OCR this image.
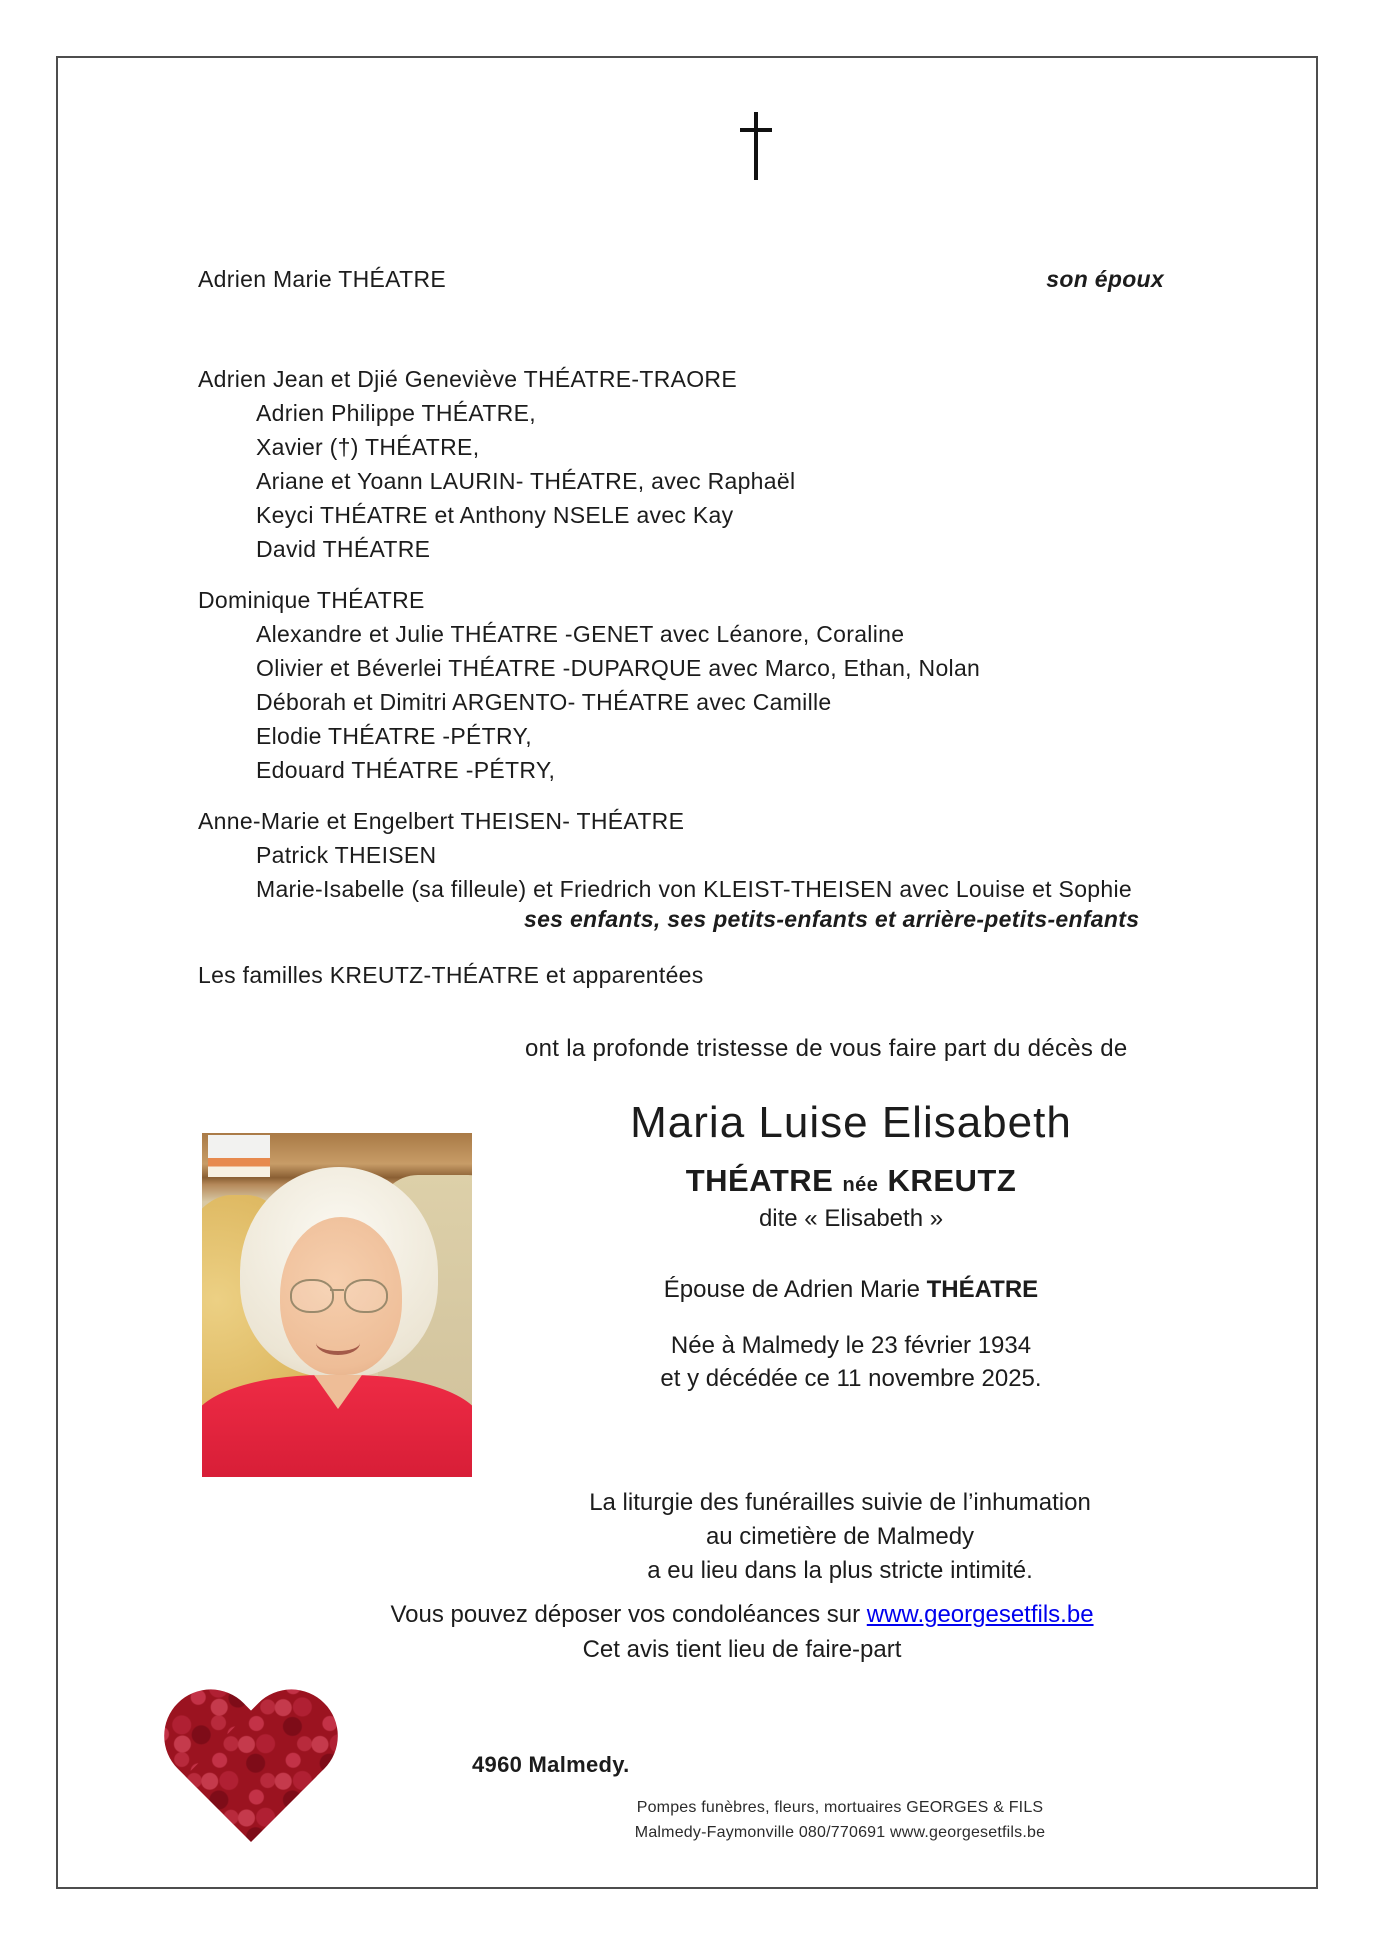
Adrien Marie THÉATRE	son époux
Adrien Jean et Djié Geneviève THÉATRE-TRAORE
Adrien Philippe THÉATRE,
Xavier (†) THÉATRE,
Ariane et Yoann LAURIN- THÉATRE, avec Raphaël
Keyci THÉATRE et Anthony NSELE avec Kay
David THÉATRE
Dominique THÉATRE
Alexandre et Julie THÉATRE -GENET avec Léanore, Coraline
Olivier et Béverlei THÉATRE -DUPARQUE avec Marco, Ethan, Nolan
Déborah et Dimitri ARGENTO- THÉATRE avec Camille
Elodie THÉATRE -PÉTRY,
Edouard THÉATRE -PÉTRY,
Anne-Marie et Engelbert THEISEN- THÉATRE
Patrick THEISEN
Marie-Isabelle (sa filleule) et Friedrich von KLEIST-THEISEN avec Louise et Sophie
ses enfants, ses petits-enfants et arrière-petits-enfants
Les familles KREUTZ-THÉATRE et apparentées
ont la profonde tristesse de vous faire part du décès de
Maria Luise Elisabeth
THÉATRE née KREUTZ
dite « Elisabeth »
Épouse de Adrien Marie THÉATRE
Née à Malmedy le 23 février 1934
et y décédée ce 11 novembre 2025.
La liturgie des funérailles suivie de l’inhumation
au cimetière de Malmedy
a eu lieu dans la plus stricte intimité.
Vous pouvez déposer vos condoléances sur www.georgesetfils.be
Cet avis tient lieu de faire-part
4960 Malmedy.
Pompes funèbres, fleurs, mortuaires GEORGES & FILS
Malmedy-Faymonville 080/770691 www.georgesetfils.be
